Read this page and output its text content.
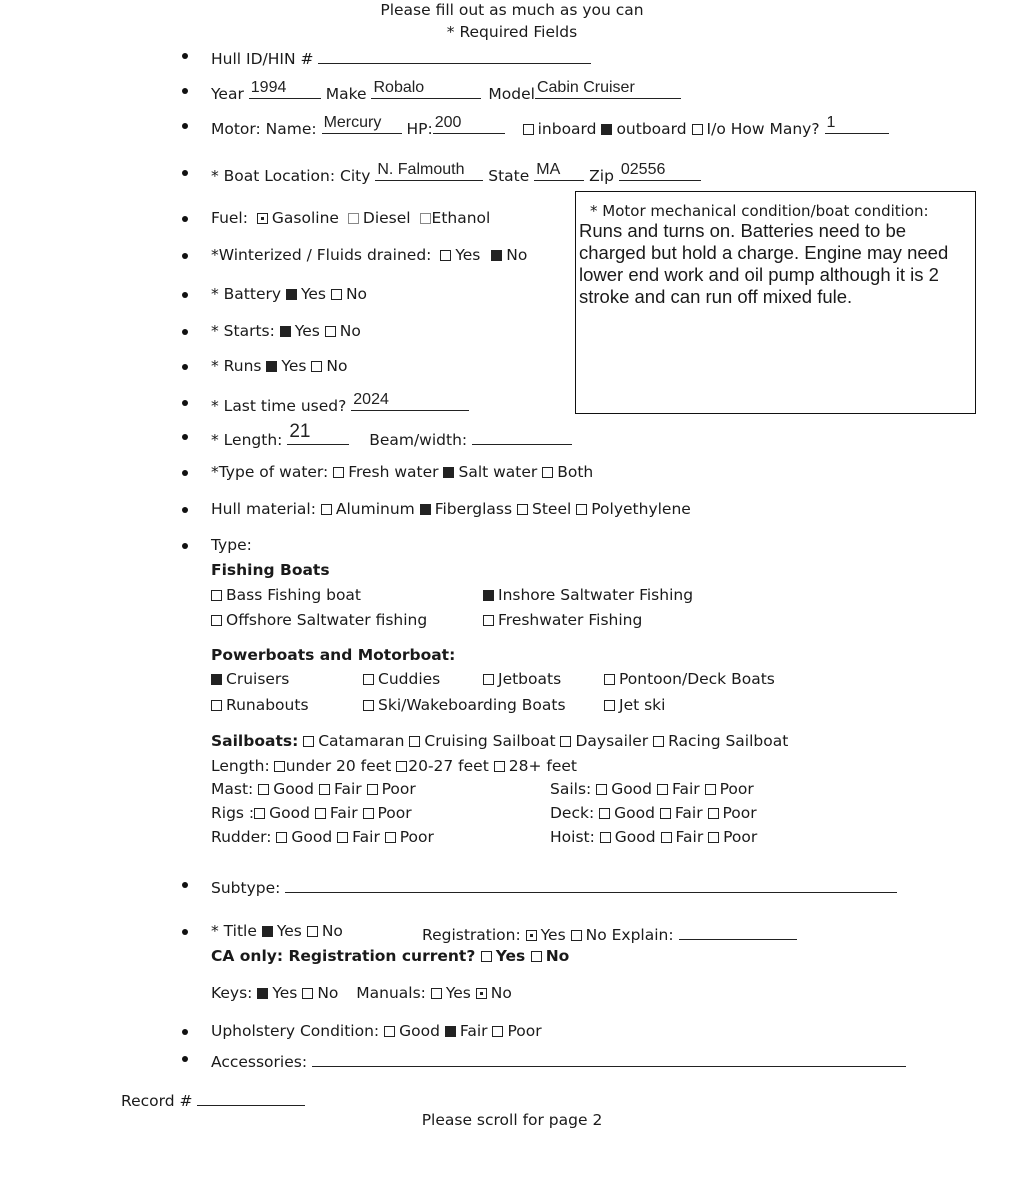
Please fill out as much as you can
* Required Fields
Hull ID/HIN #
Year 1994	Make Robalo	Model Cabin Cruiser
Motor: Name: Mercury HP: 200	inboard outboard I/o How Many? 1
* Boat Location: City N. Falmouth State MA Zip 02556
Fuel: Gasoline Diesel Ethanol
*Winterized / Fluids drained: Yes No
* Battery Yes No
* Starts: Yes No
* Runs Yes No
* Last time used? 2024
* Length: 21	Beam/width:
*Type of water: Fresh water Salt water Both
Hull material: Aluminum Fiberglass Steel Polyethylene
* Motor mechanical condition/boat condition:
Runs and turns on. Batteries need to be charged but hold a charge. Engine may need lower end work and oil pump although it is 2 stroke and can run off mixed fule.
Type:
Fishing Boats
Bass Fishing boat	Inshore Saltwater Fishing
Offshore Saltwater fishing	Freshwater Fishing
Powerboats and Motorboat:
Cruisers	Cuddies	Jetboats	Pontoon/Deck Boats
Runabouts	Ski/Wakeboarding Boats	Jet ski
Sailboats: Catamaran Cruising Sailboat Daysailer Racing Sailboat
Length: under 20 feet 20-27 feet 28+ feet
Mast: Good Fair Poor	Sails: Good Fair Poor
Rigs : Good Fair Poor	Deck: Good Fair Poor
Rudder: Good Fair Poor	Hoist: Good Fair Poor
Subtype:
* Title Yes No	Registration: Yes No Explain:
CA only: Registration current? Yes No
Keys: Yes No Manuals: Yes No
Upholstery Condition: Good Fair Poor
Accessories:
Record #
Please scroll for page 2
